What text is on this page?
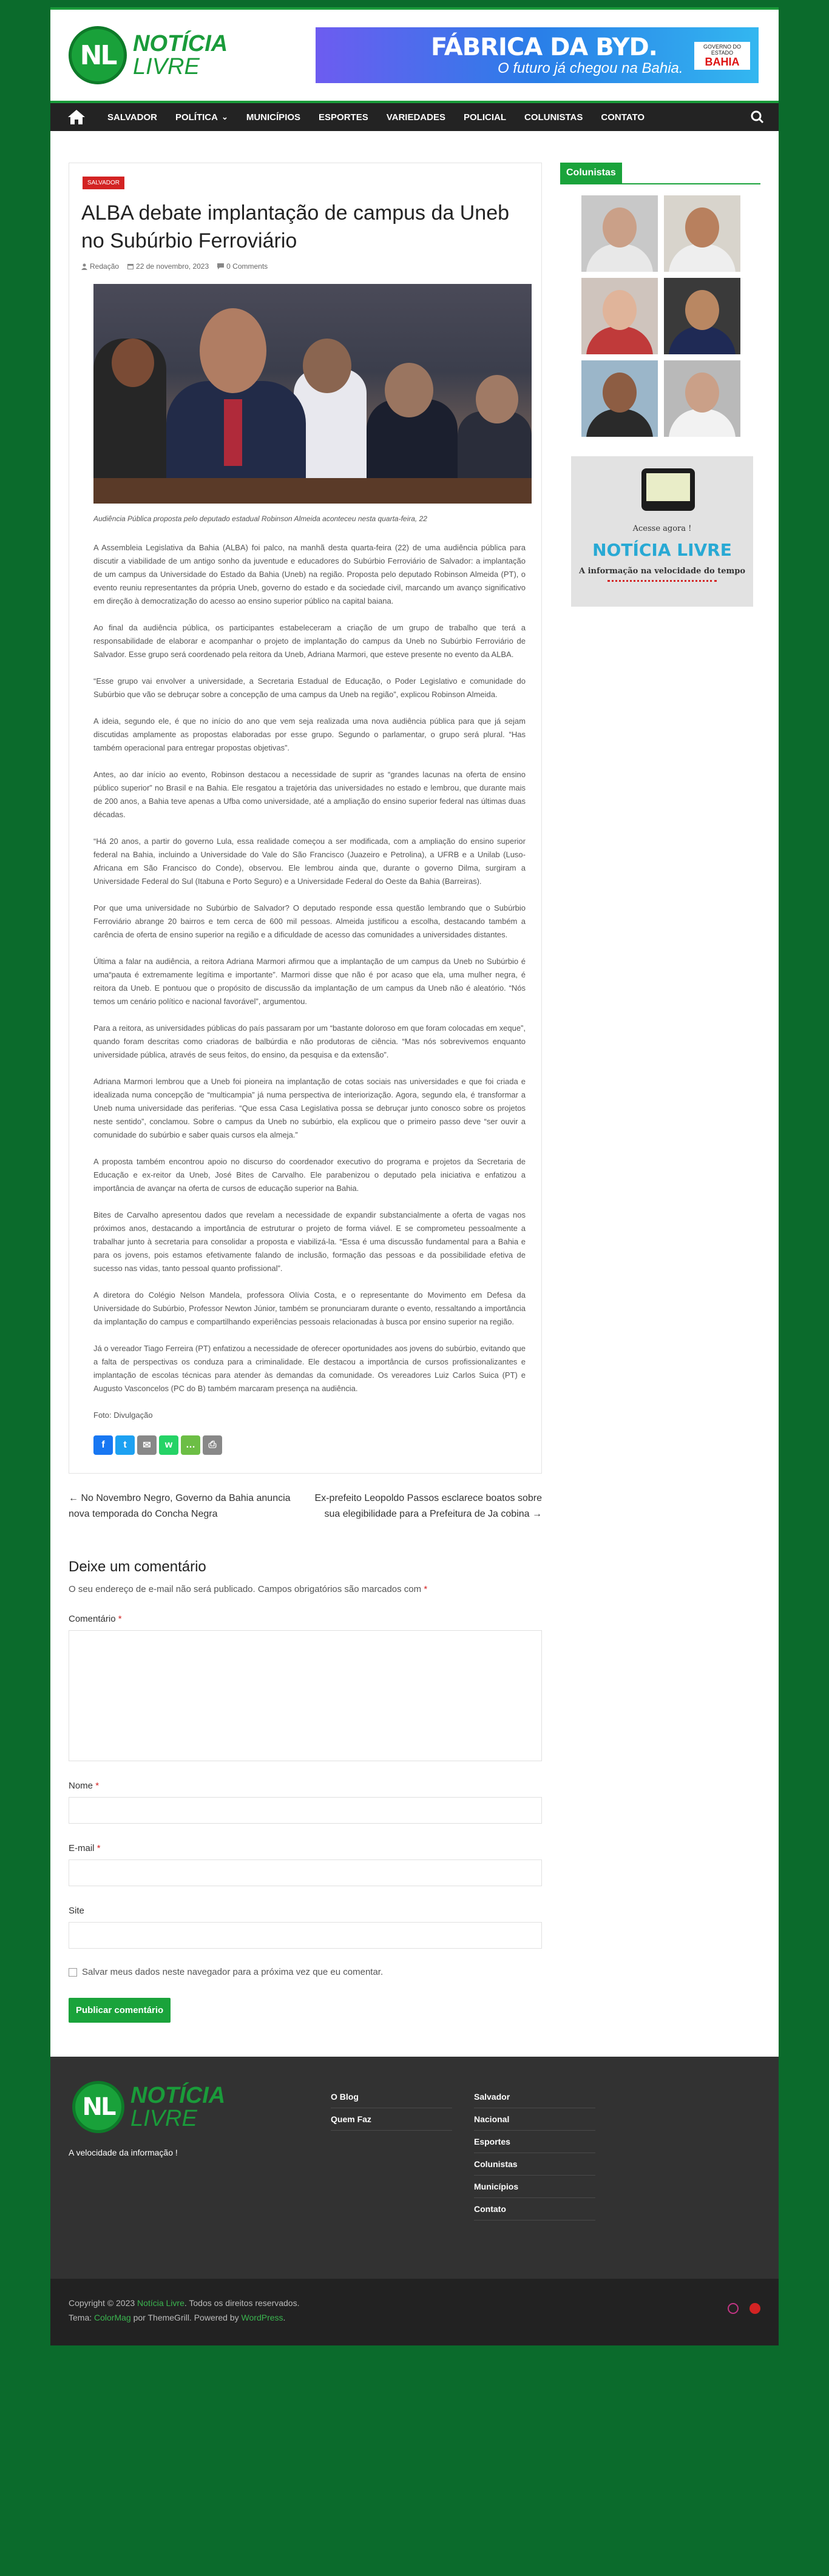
NL NOTÍCIA
LIVRE
FÁBRICA DA BYD.
O futuro já chegou na Bahia.
GOVERNO DO ESTADO
BAHIA
SALVADOR POLÍTICA ⌄ MUNICÍPIOS ESPORTES VARIEDADES POLICIAL COLUNISTAS CONTATO
SALVADOR
ALBA debate implantação de campus da Uneb no Subúrbio Ferroviário
Redação 22 de novembro, 2023 0 Comments

Audiência Pública proposta pelo deputado estadual Robinson Almeida aconteceu nesta quarta-feira, 22

A Assembleia Legislativa da Bahia (ALBA) foi palco, na manhã desta quarta-feira (22) de uma audiência pública para discutir a viabilidade de um antigo sonho da juventude e educadores do Subúrbio Ferroviário de Salvador: a implantação de um campus da Universidade do Estado da Bahia (Uneb) na região. Proposta pelo deputado Robinson Almeida (PT), o evento reuniu representantes da própria Uneb, governo do estado e da sociedade civil, marcando um avanço significativo em direção à democratização do acesso ao ensino superior público na capital baiana.

Ao final da audiência pública, os participantes estabeleceram a criação de um grupo de trabalho que terá a responsabilidade de elaborar e acompanhar o projeto de implantação do campus da Uneb no Subúrbio Ferroviário de Salvador. Esse grupo será coordenado pela reitora da Uneb, Adriana Marmori, que esteve presente no evento da ALBA.

“Esse grupo vai envolver a universidade, a Secretaria Estadual de Educação, o Poder Legislativo e comunidade do Subúrbio que vão se debruçar sobre a concepção de uma campus da Uneb na região”, explicou Robinson Almeida.

A ideia, segundo ele, é que no início do ano que vem seja realizada uma nova audiência pública para que já sejam discutidas amplamente as propostas elaboradas por esse grupo. Segundo o parlamentar, o grupo será plural. “Has também operacional para entregar propostas objetivas”.

Antes, ao dar início ao evento, Robinson destacou a necessidade de suprir as “grandes lacunas na oferta de ensino público superior” no Brasil e na Bahia. Ele resgatou a trajetória das universidades no estado e lembrou, que durante mais de 200 anos, a Bahia teve apenas a Ufba como universidade, até a ampliação do ensino superior federal nas últimas duas décadas.

“Há 20 anos, a partir do governo Lula, essa realidade começou a ser modificada, com a ampliação do ensino superior federal na Bahia, incluindo a Universidade do Vale do São Francisco (Juazeiro e Petrolina), a UFRB e a Unilab (Luso-Africana em São Francisco do Conde), observou. Ele lembrou ainda que, durante o governo Dilma, surgiram a Universidade Federal do Sul (Itabuna e Porto Seguro) e a Universidade Federal do Oeste da Bahia (Barreiras).

Por que uma universidade no Subúrbio de Salvador? O deputado responde essa questão lembrando que o Subúrbio Ferroviário abrange 20 bairros e tem cerca de 600 mil pessoas. Almeida justificou a escolha, destacando também a carência de oferta de ensino superior na região e a dificuldade de acesso das comunidades a universidades distantes.

Última a falar na audiência, a reitora Adriana Marmori afirmou que a implantação de um campus da Uneb no Subúrbio é uma“pauta é extremamente legítima e importante”. Marmori disse que não é por acaso que ela, uma mulher negra, é reitora da Uneb. E pontuou que o propósito de discussão da implantação de um campus da Uneb não é aleatório. “Nós temos um cenário político e nacional favorável”, argumentou.

Para a reitora, as universidades públicas do país passaram por um “bastante doloroso em que foram colocadas em xeque”, quando foram descritas como criadoras de balbúrdia e não produtoras de ciência. “Mas nós sobrevivemos enquanto universidade pública, através de seus feitos, do ensino, da pesquisa e da extensão”.

Adriana Marmori lembrou que a Uneb foi pioneira na implantação de cotas sociais nas universidades e que foi criada e idealizada numa concepção de “multicampia” já numa perspectiva de interiorização. Agora, segundo ela, é transformar a Uneb numa universidade das periferias. “Que essa Casa Legislativa possa se debruçar junto conosco sobre os projetos neste sentido”, conclamou. Sobre o campus da Uneb no subúrbio, ela explicou que o primeiro passo deve “ser ouvir a comunidade do subúrbio e saber quais cursos ela almeja.”

A proposta também encontrou apoio no discurso do coordenador executivo do programa e projetos da Secretaria de Educação e ex-reitor da Uneb, José Bites de Carvalho. Ele parabenizou o deputado pela iniciativa e enfatizou a importância de avançar na oferta de cursos de educação superior na Bahia.

Bites de Carvalho apresentou dados que revelam a necessidade de expandir substancialmente a oferta de vagas nos próximos anos, destacando a importância de estruturar o projeto de forma viável. E se comprometeu pessoalmente a trabalhar junto à secretaria para consolidar a proposta e viabilizá-la. “Essa é uma discussão fundamental para a Bahia e para os jovens, pois estamos efetivamente falando de inclusão, formação das pessoas e da possibilidade efetiva de sucesso nas vidas, tanto pessoal quanto profissional”.

A diretora do Colégio Nelson Mandela, professora Olívia Costa, e o representante do Movimento em Defesa da Universidade do Subúrbio, Professor Newton Júnior, também se pronunciaram durante o evento, ressaltando a importância da implantação do campus e compartilhando experiências pessoais relacionadas à busca por ensino superior na região.

Já o vereador Tiago Ferreira (PT) enfatizou a necessidade de oferecer oportunidades aos jovens do subúrbio, evitando que a falta de perspectivas os conduza para a criminalidade. Ele destacou a importância de cursos profissionalizantes e implantação de escolas técnicas para atender às demandas da comunidade. Os vereadores Luiz Carlos Suica (PT) e Augusto Vasconcelos (PC do B) também marcaram presença na audiência.

Foto: Divulgação

f	t	✉	w	…	⎙
← No Novembro Negro, Governo da Bahia anuncia nova temporada do Concha Negra
Ex-prefeito Leopoldo Passos esclarece boatos sobre sua elegibilidade para a Prefeitura de Ja cobina →
Deixe um comentário

O seu endereço de e-mail não será publicado. Campos obrigatórios são marcados com *

Comentário *
Nome *
E-mail *
Site
Salvar meus dados neste navegador para a próxima vez que eu comentar.
Publicar comentário
Colunistas
Acesse agora !
NOTÍCIA LIVRE
A informação na velocidade do tempo
NL NOTÍCIA
LIVRE
A velocidade da informação !
O Blog
Quem Faz
Salvador
Nacional
Esportes
Colunistas
Municípios
Contato
Copyright © 2023 Notícia Livre. Todos os direitos reservados.
Tema: ColorMag por ThemeGrill. Powered by WordPress.
